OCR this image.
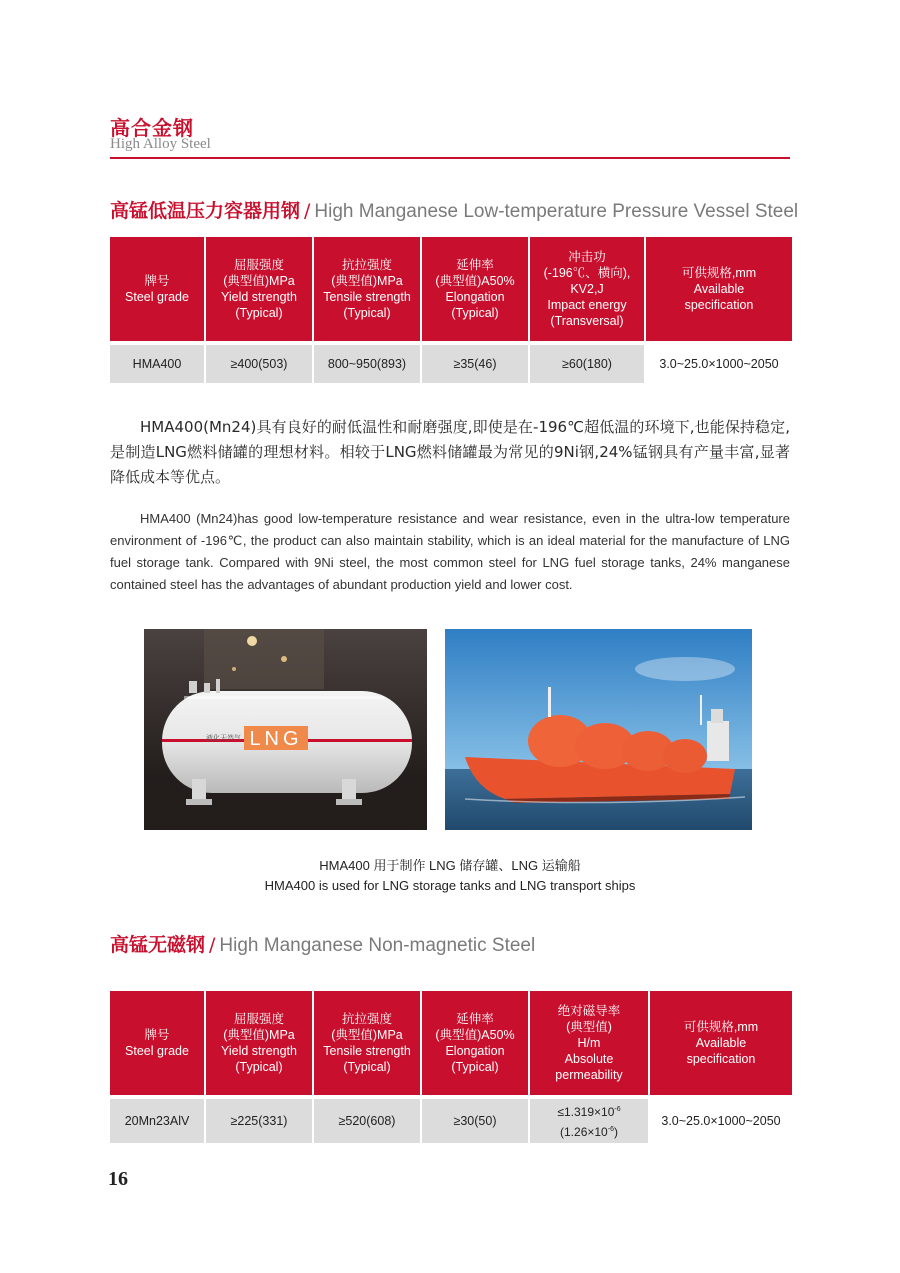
高合金钢
High Alloy Steel
高锰低温压力容器用钢 / High Manganese Low-temperature Pressure Vessel Steel
牌号
Steel grade	屈服强度
(典型值)MPa
Yield strength
(Typical)	抗拉强度
(典型值)MPa
Tensile strength
(Typical)	延伸率
(典型值)A50%
Elongation
(Typical)	冲击功
(-196℃、横向),
KV2,J
Impact energy
(Transversal)	可供规格,mm
Available
specification

HMA400	≥400(503)	800~950(893)	≥35(46)	≥60(180)	3.0~25.0×1000~2050
HMA400(Mn24)具有良好的耐低温性和耐磨强度,即使是在-196℃超低温的环境下,也能保持稳定,是制造LNG燃料储罐的理想材料。相较于LNG燃料储罐最为常见的9Ni钢,24%锰钢具有产量丰富,显著降低成本等优点。
HMA400 (Mn24)has good low-temperature resistance and wear resistance, even in the ultra-low temperature environment of -196℃, the product can also maintain stability, which is an ideal material for the manufacture of LNG fuel storage tank. Compared with 9Ni steel, the most common steel for LNG fuel storage tanks, 24% manganese contained steel has the advantages of abundant production yield and lower cost.
LNG
液化天然气
HMA400 用于制作 LNG 储存罐、LNG 运输船
HMA400 is used for LNG storage tanks and LNG transport ships
高锰无磁钢 / High Manganese Non-magnetic Steel
牌号
Steel grade	屈服强度
(典型值)MPa
Yield strength
(Typical)	抗拉强度
(典型值)MPa
Tensile strength
(Typical)	延伸率
(典型值)A50%
Elongation
(Typical)	绝对磁导率
(典型值)
H/m
Absolute
permeability	可供规格,mm
Available
specification

20Mn23AlV	≥225(331)	≥520(608)	≥30(50)	$\le 1.319\times 10^{-6}$
$(1.26\times 10^{-6})$	3.0~25.0×1000~2050
16
